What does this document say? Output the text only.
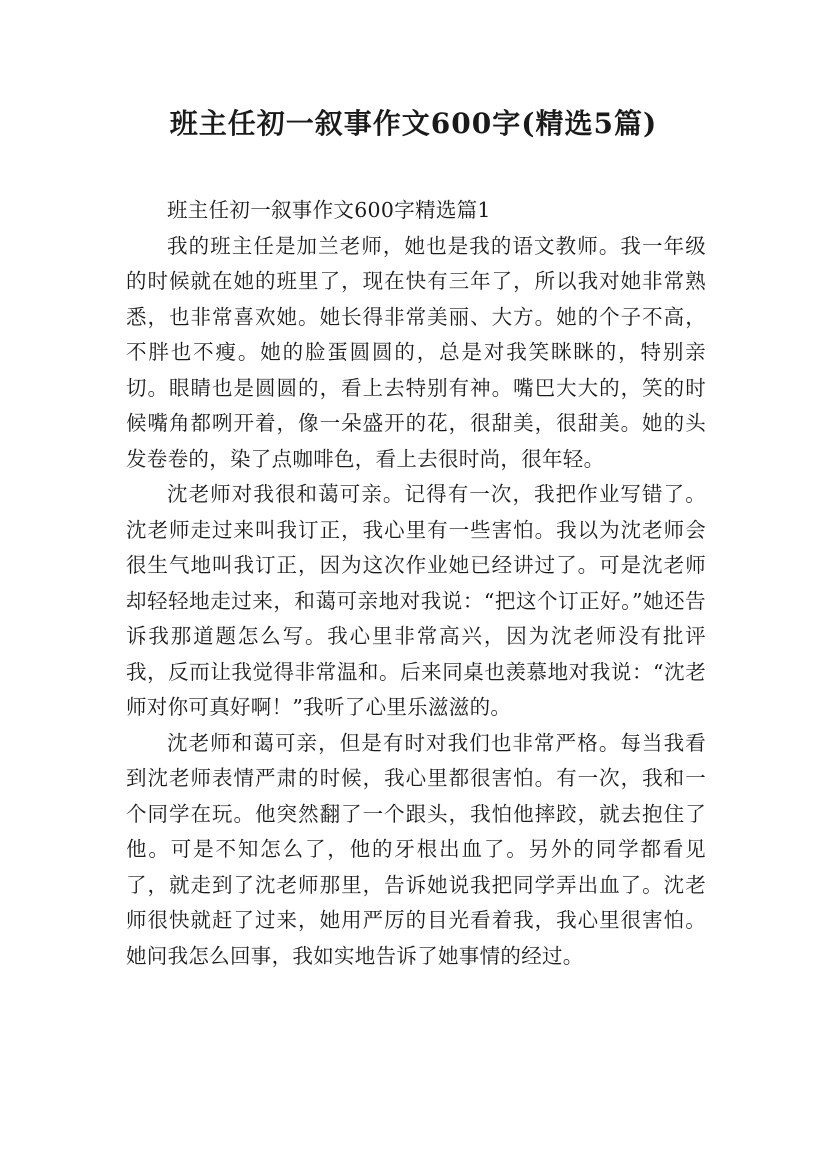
班主任初一叙事作文600字(精选5篇)

班主任初一叙事作文600字精选篇1

我的班主任是加兰老师，她也是我的语文教师。我一年级的时候就在她的班里了，现在快有三年了，所以我对她非常熟悉，也非常喜欢她。她长得非常美丽、大方。她的个子不高，不胖也不瘦。她的脸蛋圆圆的，总是对我笑眯眯的，特别亲切。眼睛也是圆圆的，看上去特别有神。嘴巴大大的，笑的时候嘴角都咧开着，像一朵盛开的花，很甜美，很甜美。她的头发卷卷的，染了点咖啡色，看上去很时尚，很年轻。

沈老师对我很和蔼可亲。记得有一次，我把作业写错了。沈老师走过来叫我订正，我心里有一些害怕。我以为沈老师会很生气地叫我订正，因为这次作业她已经讲过了。可是沈老师却轻轻地走过来，和蔼可亲地对我说：“把这个订正好。”她还告诉我那道题怎么写。我心里非常高兴，因为沈老师没有批评我，反而让我觉得非常温和。后来同桌也羡慕地对我说：“沈老师对你可真好啊！”我听了心里乐滋滋的。

沈老师和蔼可亲，但是有时对我们也非常严格。每当我看到沈老师表情严肃的时候，我心里都很害怕。有一次，我和一个同学在玩。他突然翻了一个跟头，我怕他摔跤，就去抱住了他。可是不知怎么了，他的牙根出血了。另外的同学都看见了，就走到了沈老师那里，告诉她说我把同学弄出血了。沈老师很快就赶了过来，她用严厉的目光看着我，我心里很害怕。她问我怎么回事，我如实地告诉了她事情的经过。
